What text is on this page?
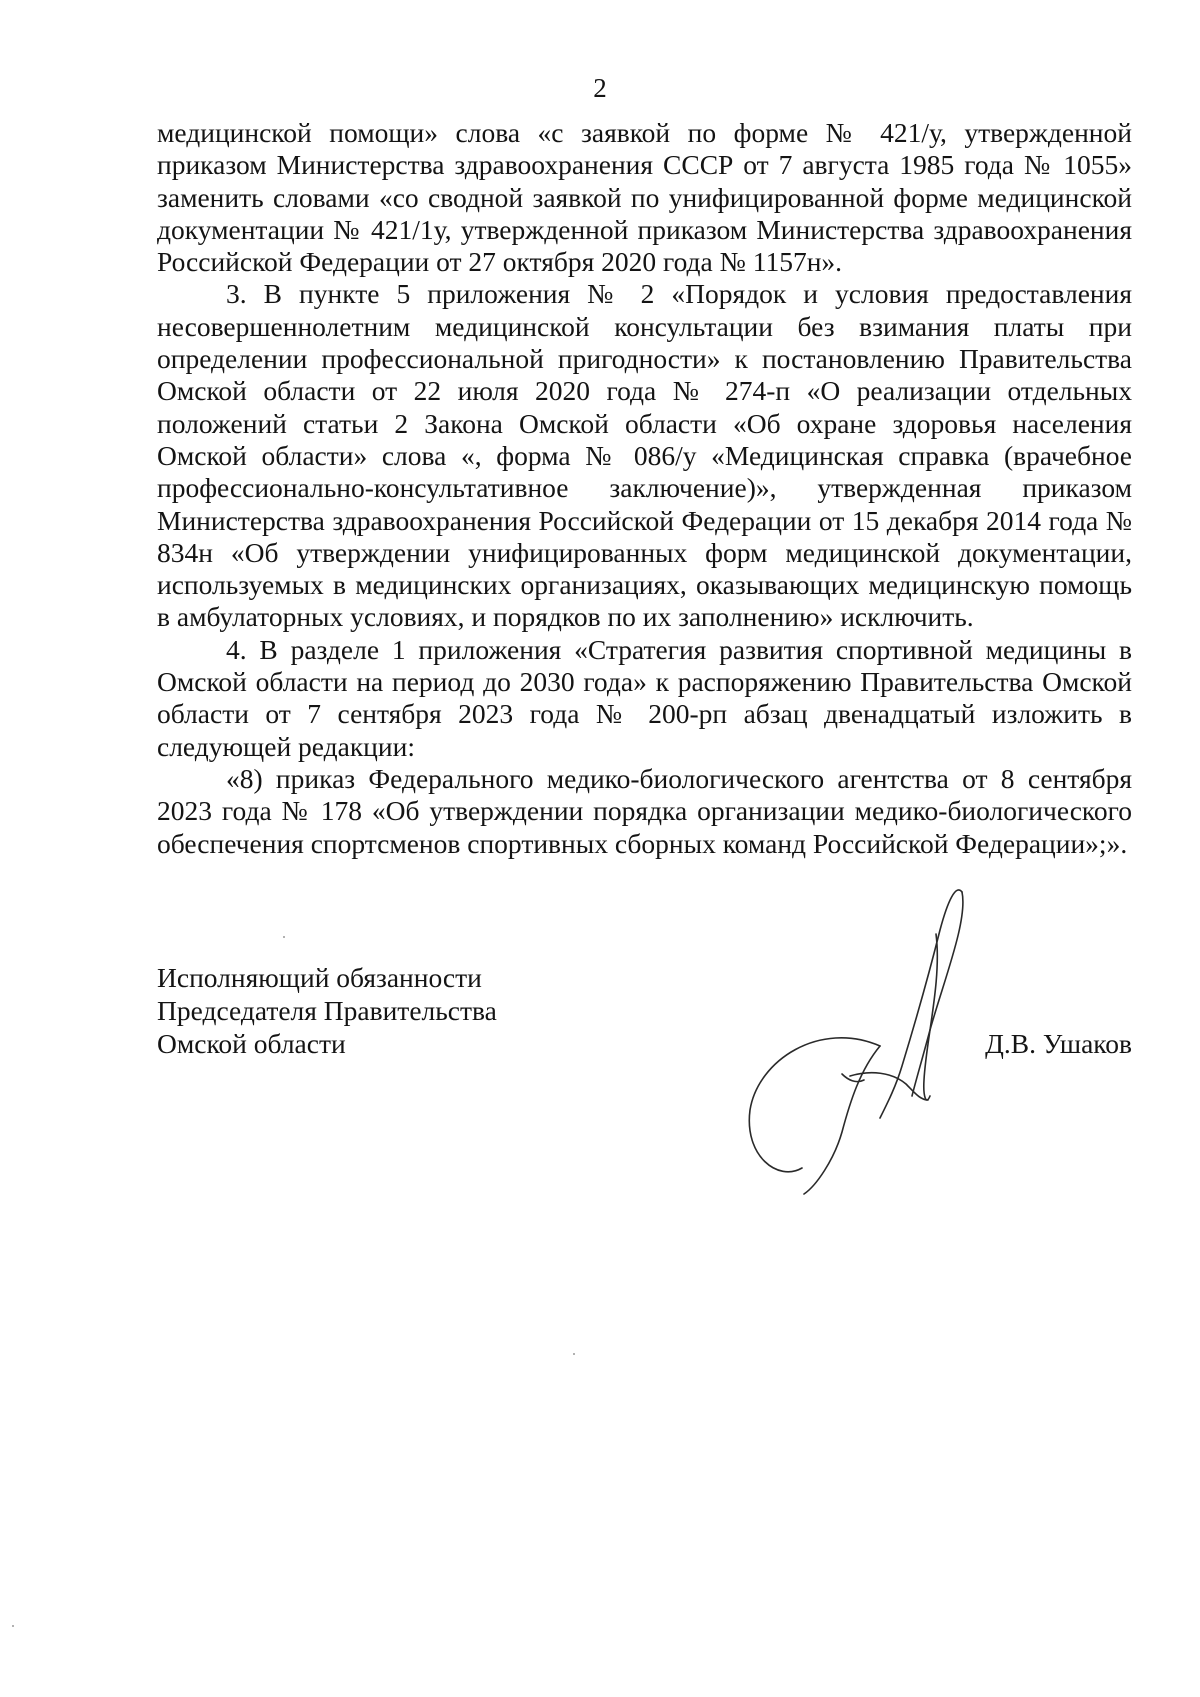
2

медицинской помощи» слова «с заявкой по форме № 421/у, утвержденной приказом Министерства здравоохранения СССР от 7 августа 1985 года № 1055» заменить словами «со сводной заявкой по унифицированной форме медицинской документации № 421/1у, утвержденной приказом Министерства здравоохранения Российской Федерации от 27 октября 2020 года № 1157н».

3. В пункте 5 приложения № 2 «Порядок и условия предоставления несовершеннолетним медицинской консультации без взимания платы при определении профессиональной пригодности» к постановлению Правительства Омской области от 22 июля 2020 года № 274-п «О реализации отдельных положений статьи 2 Закона Омской области «Об охране здоровья населения Омской области» слова «, форма № 086/у «Медицинская справка (врачебное профессионально-консультативное заключение)», утвержденная приказом Министерства здравоохранения Российской Федерации от 15 декабря 2014 года № 834н «Об утверждении унифицированных форм медицинской документации, используемых в медицинских организациях, оказывающих медицинскую помощь в амбулаторных условиях, и порядков по их заполнению» исключить.

4. В разделе 1 приложения «Стратегия развития спортивной медицины в Омской области на период до 2030 года» к распоряжению Правительства Омской области от 7 сентября 2023 года № 200-рп абзац двенадцатый изложить в следующей редакции:

«8) приказ Федерального медико-биологического агентства от 8 сентября 2023 года № 178 «Об утверждении порядка организации медико-биологического обеспечения спортсменов спортивных сборных команд Российской Федерации»;».

Исполняющий обязанности
Председателя Правительства
Омской области	Д.В. Ушаков
